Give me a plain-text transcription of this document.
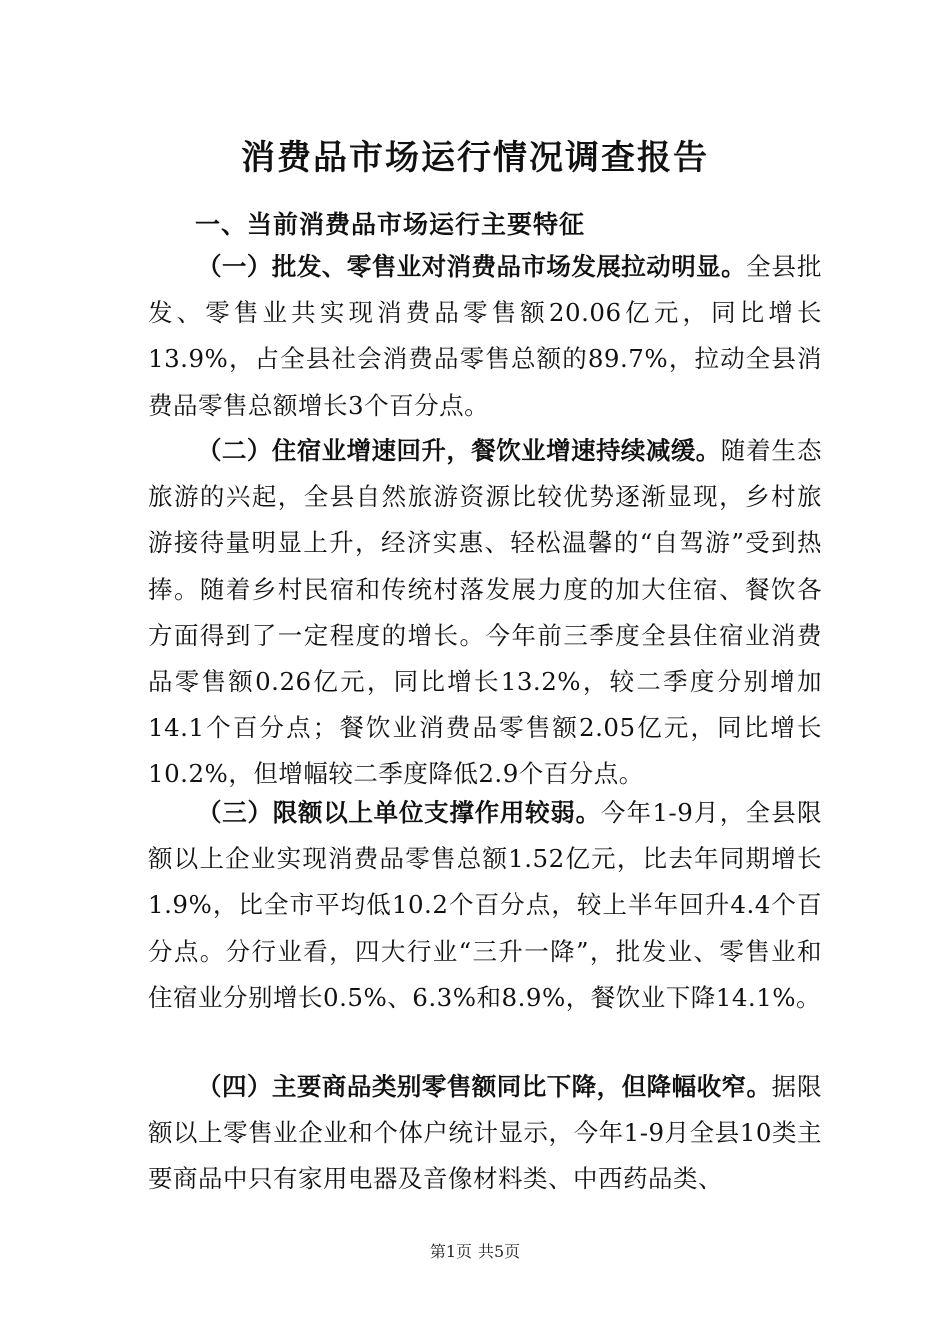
消费品市场运行情况调查报告
一、当前消费品市场运行主要特征

（一）批发、零售业对消费品市场发展拉动明显。全县批发、零售业共实现消费品零售额20.06亿元，同比增长13.9%，占全县社会消费品零售总额的89.7%，拉动全县消费品零售总额增长3个百分点。

（二）住宿业增速回升，餐饮业增速持续减缓。随着生态旅游的兴起，全县自然旅游资源比较优势逐渐显现，乡村旅游接待量明显上升，经济实惠、轻松温馨的“自驾游”受到热捧。随着乡村民宿和传统村落发展力度的加大住宿、餐饮各方面得到了一定程度的增长。今年前三季度全县住宿业消费品零售额0.26亿元，同比增长13.2%，较二季度分别增加14.1个百分点；餐饮业消费品零售额2.05亿元，同比增长10.2%，但增幅较二季度降低2.9个百分点。

（三）限额以上单位支撑作用较弱。今年1-9月，全县限额以上企业实现消费品零售总额1.52亿元，比去年同期增长1.9%，比全市平均低10.2个百分点，较上半年回升4.4个百分点。分行业看，四大行业“三升一降”，批发业、零售业和住宿业分别增长0.5%、6.3%和8.9%，餐饮业下降14.1%。

（四）主要商品类别零售额同比下降，但降幅收窄。据限额以上零售业企业和个体户统计显示，今年1-9月全县10类主要商品中只有家用电器及音像材料类、中西药品类、

第1页 共5页
